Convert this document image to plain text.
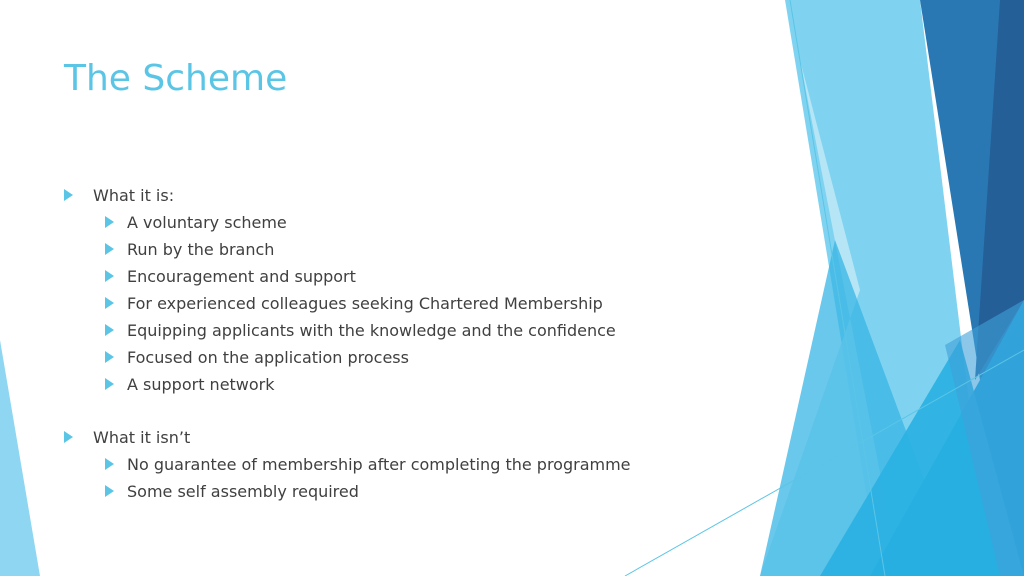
The Scheme
What it is:
A voluntary scheme
Run by the branch
Encouragement and support
For experienced colleagues seeking Chartered Membership
Equipping applicants with the knowledge and the confidence
Focused on the application process
A support network
What it isn’t
No guarantee of membership after completing the programme
Some self assembly required
